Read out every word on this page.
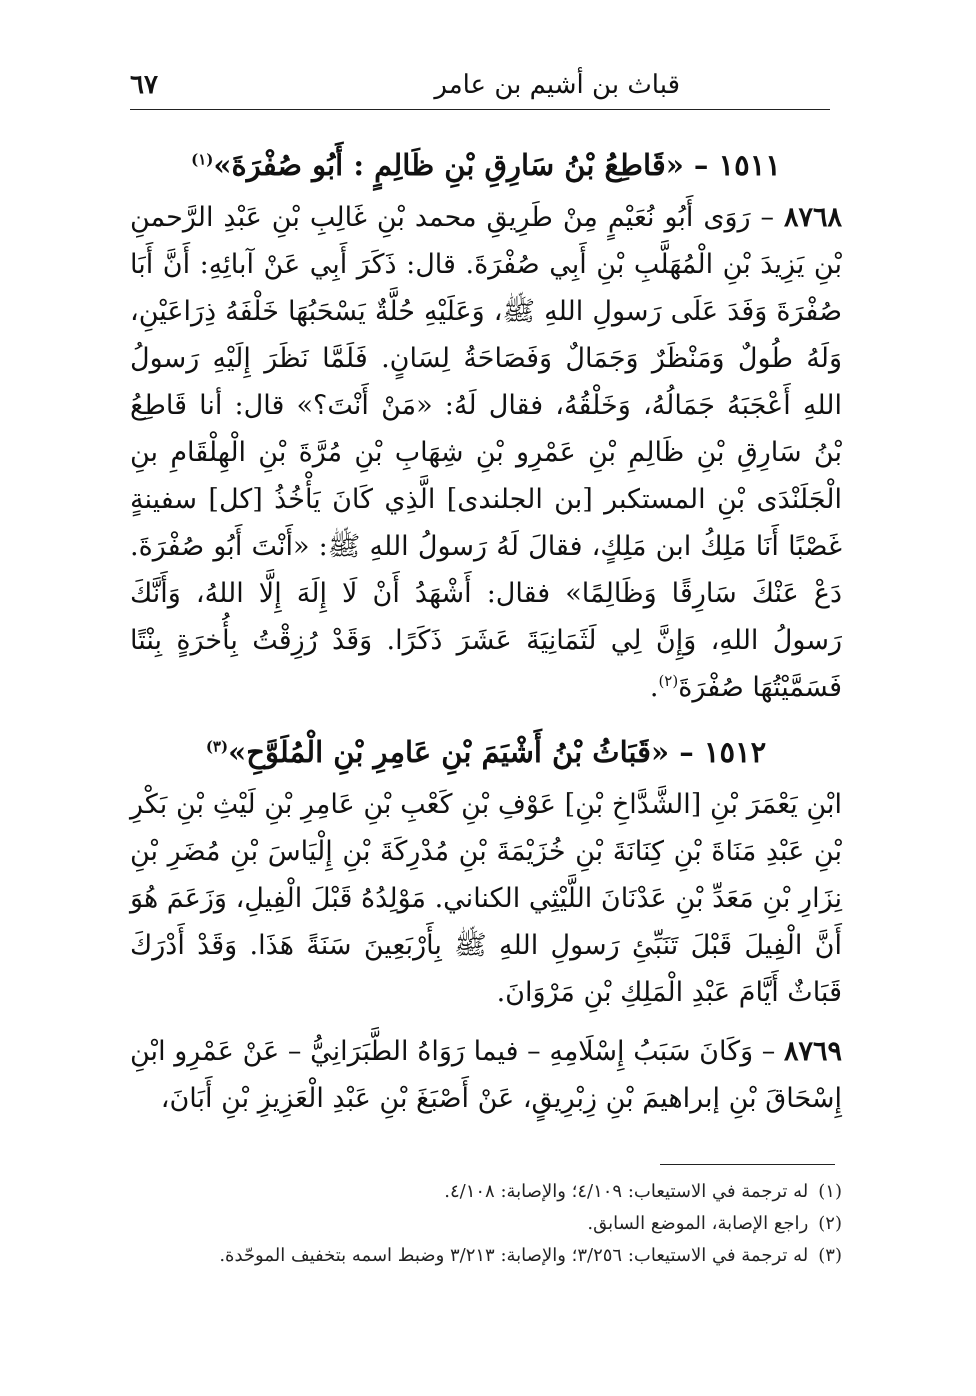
قباث بن أشيم بن عامر
٦٧
١٥١١ – «قَاطِعُ بْنُ سَارِقِ بْنِ ظَالِمٍ : أَبُو صُفْرَةَ»$^{(١)}$

٨٧٦٨ – رَوَى أَبُو نُعَيْمٍ مِنْ طَرِيقِ محمد بْنِ غَالِبِ بْنِ عَبْدِ الرَّحمنِ بْنِ يَزِيدَ بْنِ الْمُهَلَّبِ بْنِ أَبِي صُفْرَةَ. قال: ذَكَرَ أَبِي عَنْ آبائِهِ: أَنَّ أَبَا صُفْرَةَ وَفَدَ عَلَى رَسولِ اللهِ ﷺ، وَعَلَيْهِ حُلَّةٌ يَسْحَبُهَا خَلْفَهُ ذِرَاعَيْنِ، وَلَهُ طُولٌ وَمَنْظَرٌ وَجَمَالٌ وَفَصَاحَةُ لِسَانٍ. فَلَمَّا نَظَرَ إِلَيْهِ رَسولُ اللهِ أَعْجَبَهُ جَمَالُهُ، وَخَلْقُهُ، فقال لَهُ: «مَنْ أَنْتَ؟» قال: أنا قَاطِعُ بْنُ سَارِقِ بْنِ ظَالِمِ بْنِ عَمْرِو بْنِ شِهَابِ بْنِ مُرَّةَ بْنِ الْهِلْقَامِ بنِ الْجَلَنْدَى بْنِ المستكبر [بن الجلندى] الَّذِي كَانَ يَأْخُذُ [كل] سفينةٍ غَصْبًا أَنَا مَلِكُ ابن مَلِكٍ، فقالَ لَهُ رَسولُ اللهِ ﷺ: «أَنْتَ أَبُو صُفْرَةَ. دَعْ عَنْكَ سَارِقًا وَظَالِمًا» فقال: أَشْهَدُ أَنْ لَا إِلَهَ إِلَّا اللهُ، وَأَنَّكَ رَسولُ اللهِ، وَإِنَّ لِي لَثَمَانِيَةَ عَشَرَ ذَكَرًا. وَقَدْ رُزِقْتُ بِأُخرَةٍ بِنْتًا فَسَمَّيْتُهَا صُفْرَةَ$^{(٢)}$.

١٥١٢ – «قَبَاثُ بْنُ أَشْيَمَ بْنِ عَامِرِ بْنِ الْمُلَوَّحِ»$^{(٣)}$

ابْنِ يَعْمَرَ بْنِ [الشَّدَّاخِ بْنِ] عَوْفِ بْنِ كَعْبِ بْنِ عَامِرِ بْنِ لَيْثِ بْنِ بَكْرِ بْنِ عَبْدِ مَنَاةَ بْنِ كِنَانَةَ بْنِ خُزَيْمَةَ بْنِ مُدْرِكَةَ بْنِ إِلْيَاسَ بْنِ مُضَرِ بْنِ نِزَارِ بْنِ مَعَدِّ بْنِ عَدْنَانَ اللَّيْثِي الكناني. مَوْلِدُهُ قَبْلَ الْفِيلِ، وَزَعَمَ هُوَ أَنَّ الْفِيلَ قَبْلَ تَنَبِّئِ رَسولِ اللهِ ﷺ بِأَرْبَعِينَ سَنَةً هَذَا. وَقَدْ أَدْرَكَ قَبَاثٌ أَيَّامَ عَبْدِ الْمَلِكِ بْنِ مَرْوَانَ.

٨٧٦٩ – وَكَانَ سَبَبُ إِسْلَامِهِ – فيما رَوَاهُ الطَّبَرَانِيُّ – عَنْ عَمْرِو ابْنِ إِسْحَاقَ بْنِ إبراهيمَ بْنِ زِبْرِيقٍ، عَنْ أَصْبَغَ بْنِ عَبْدِ الْعَزِيزِ بْنِ أَبَانَ،

(١)له ترجمة في الاستيعاب: ٤/١٠٩؛ والإصابة: ٤/١٠٨.

(٢)راجع الإصابة، الموضع السابق.

(٣)له ترجمة في الاستيعاب: ٣/٢٥٦؛ والإصابة: ٣/٢١٣ وضبط اسمه بتخفيف الموحّدة.
